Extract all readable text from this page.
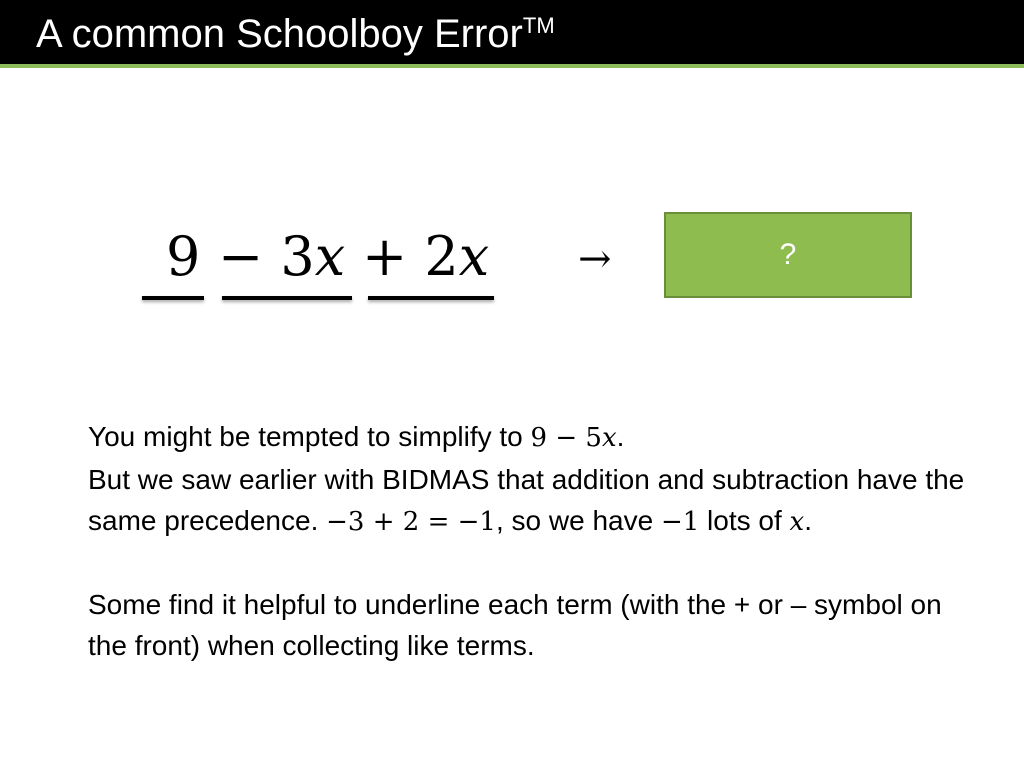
A common Schoolboy Error™
9 − 3x + 2x →	?

You might be tempted to simplify to 9 − 5x.

But we saw earlier with BIDMAS that addition and subtraction have the same precedence. −3 + 2 = −1, so we have −1 lots of x.

Some find it helpful to underline each term (with the + or – symbol on the front) when collecting like terms.
